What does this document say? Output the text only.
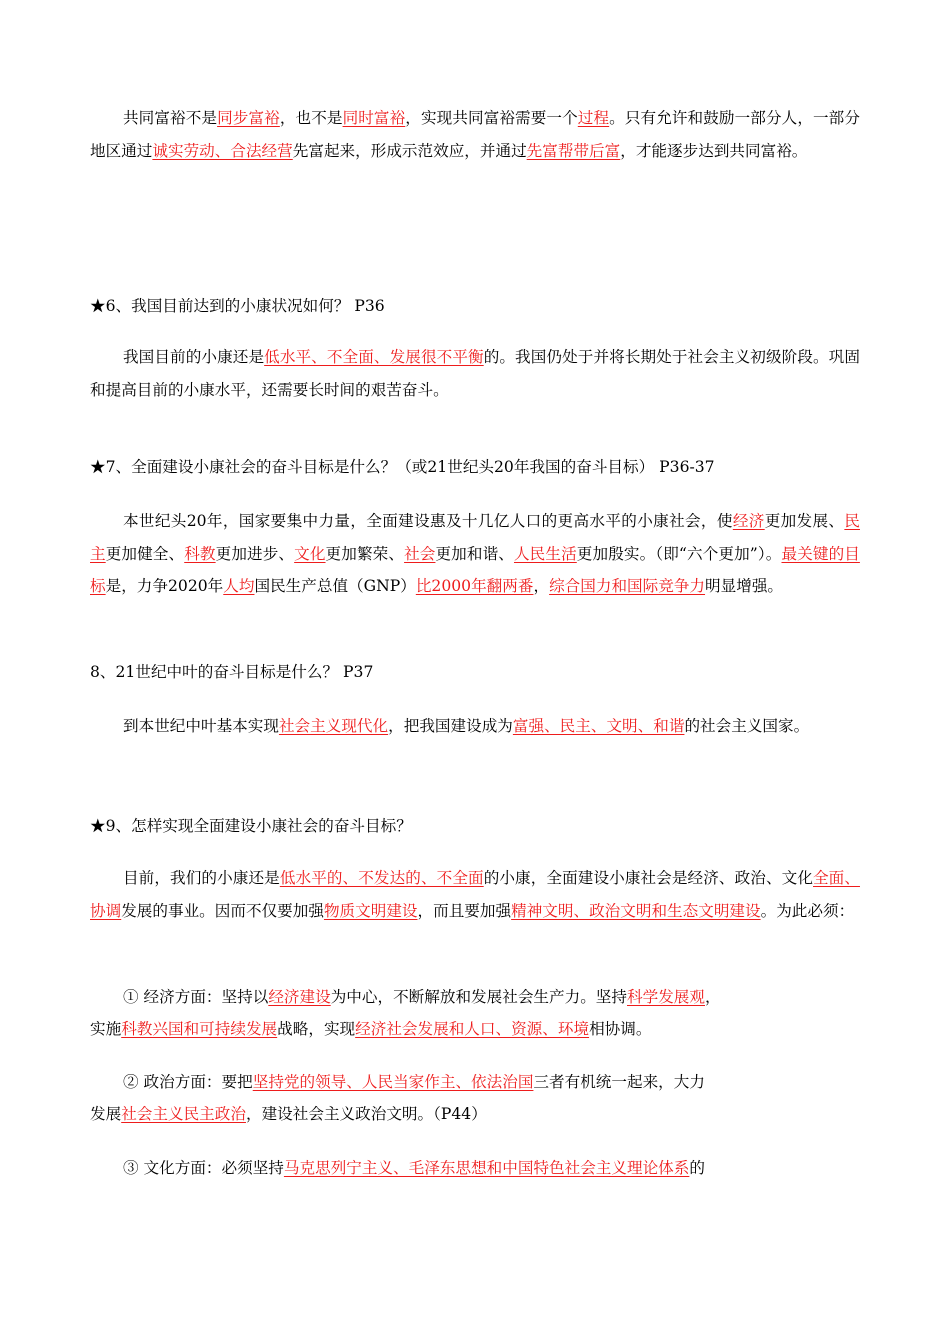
共同富裕不是同步富裕，也不是同时富裕，实现共同富裕需要一个过程。只有允许和鼓励一部分人，一部分地区通过诚实劳动、合法经营先富起来，形成示范效应，并通过先富帮带后富，才能逐步达到共同富裕。

★6、我国目前达到的小康状况如何？ P36

我国目前的小康还是低水平、不全面、发展很不平衡的。我国仍处于并将长期处于社会主义初级阶段。巩固和提高目前的小康水平，还需要长时间的艰苦奋斗。

★7、全面建设小康社会的奋斗目标是什么？（或21世纪头20年我国的奋斗目标） P36-37

本世纪头20年，国家要集中力量，全面建设惠及十几亿人口的更高水平的小康社会，使经济更加发展、民主更加健全、科教更加进步、文化更加繁荣、社会更加和谐、人民生活更加殷实。（即“六个更加”）。最关键的目标是，力争2020年人均国民生产总值（GNP）比2000年翻两番，综合国力和国际竞争力明显增强。

8、21世纪中叶的奋斗目标是什么？ P37

到本世纪中叶基本实现社会主义现代化，把我国建设成为富强、民主、文明、和谐的社会主义国家。

★9、怎样实现全面建设小康社会的奋斗目标？

目前，我们的小康还是低水平的、不发达的、不全面的小康，全面建设小康社会是经济、政治、文化全面、协调发展的事业。因而不仅要加强物质文明建设，而且要加强精神文明、政治文明和生态文明建设。为此必须：

① 经济方面：坚持以经济建设为中心，不断解放和发展社会生产力。坚持科学发展观，

实施科教兴国和可持续发展战略，实现经济社会发展和人口、资源、环境相协调。

② 政治方面：要把坚持党的领导、人民当家作主、依法治国三者有机统一起来，大力

发展社会主义民主政治，建设社会主义政治文明。（P44）

③ 文化方面：必须坚持马克思列宁主义、毛泽东思想和中国特色社会主义理论体系的
